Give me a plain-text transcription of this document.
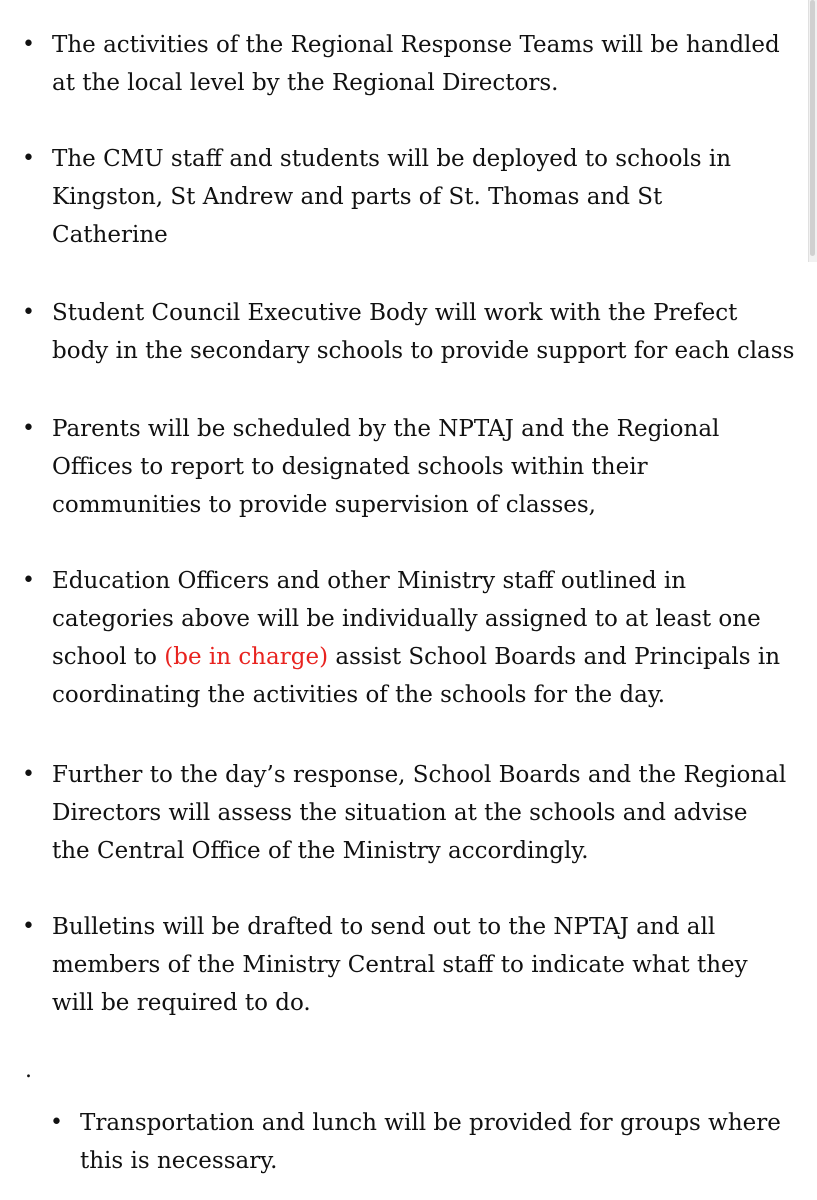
• The activities of the Regional Response Teams will be handled
at the local level by the Regional Directors.
• The CMU staff and students will be deployed to schools in
Kingston, St Andrew and parts of St. Thomas and St
Catherine
• Student Council Executive Body will work with the Prefect
body in the secondary schools to provide support for each class
• Parents will be scheduled by the NPTAJ and the Regional
Offices to report to designated schools within their
communities to provide supervision of classes,
• Education Officers and other Ministry staff outlined in
categories above will be individually assigned to at least one
school to (be in charge) assist School Boards and Principals in
coordinating the activities of the schools for the day.
• Further to the day’s response, School Boards and the Regional
Directors will assess the situation at the schools and advise
the Central Office of the Ministry accordingly.
• Bulletins will be drafted to send out to the NPTAJ and all
members of the Ministry Central staff to indicate what they
will be required to do.
.
• Transportation and lunch will be provided for groups where
this is necessary.
